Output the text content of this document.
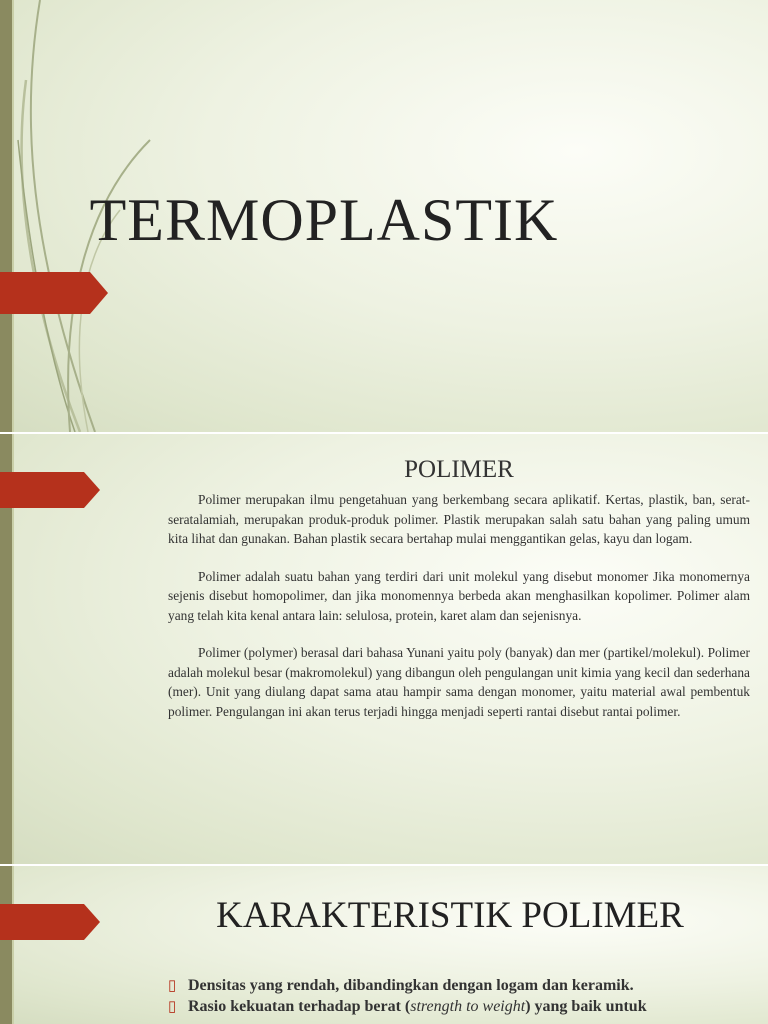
TERMOPLASTIK
POLIMER

Polimer merupakan ilmu pengetahuan yang berkembang secara aplikatif. Kertas, plastik, ban, serat-seratalamiah, merupakan produk-produk polimer. Plastik merupakan salah satu bahan yang paling umum kita lihat dan gunakan. Bahan plastik secara bertahap mulai menggantikan gelas, kayu dan logam.

Polimer adalah suatu bahan yang terdiri dari unit molekul yang disebut monomer Jika monomernya sejenis disebut homopolimer, dan jika monomennya berbeda akan menghasilkan kopolimer. Polimer alam yang telah kita kenal antara lain: selulosa, protein, karet alam dan sejenisnya.

Polimer (polymer) berasal dari bahasa Yunani yaitu poly (banyak) dan mer (partikel/molekul). Polimer adalah molekul besar (makromolekul) yang dibangun oleh pengulangan unit kimia yang kecil dan sederhana (mer). Unit yang diulang dapat sama atau hampir sama dengan monomer, yaitu material awal pembentuk polimer. Pengulangan ini akan terus terjadi hingga menjadi seperti rantai disebut rantai polimer.

KARAKTERISTIK POLIMER
▯ Densitas yang rendah, dibandingkan dengan logam dan keramik.
▯ Rasio kekuatan terhadap berat (strength to weight) yang baik untuk
